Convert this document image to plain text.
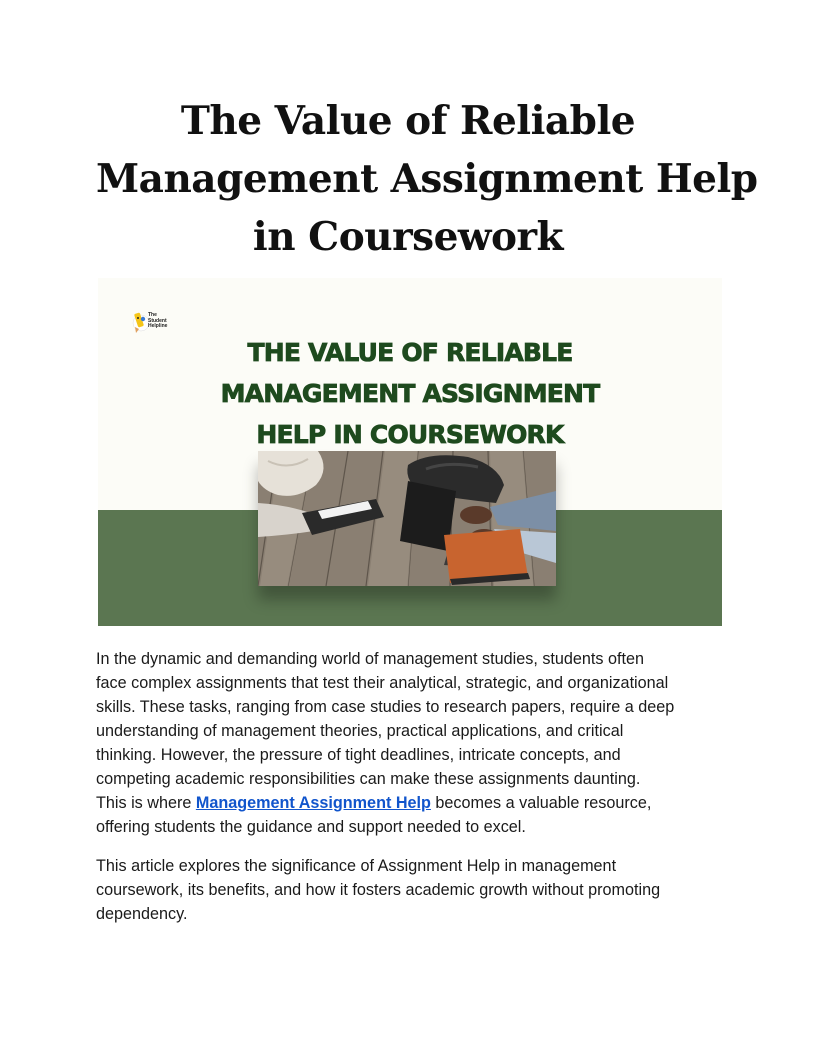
The Value of Reliable
Management Assignment Help
in Coursework
The
Student
Helpline
THE VALUE OF RELIABLE
MANAGEMENT ASSIGNMENT
HELP IN COURSEWORK

In the dynamic and demanding world of management studies, students often
face complex assignments that test their analytical, strategic, and organizational
skills. These tasks, ranging from case studies to research papers, require a deep
understanding of management theories, practical applications, and critical
thinking. However, the pressure of tight deadlines, intricate concepts, and
competing academic responsibilities can make these assignments daunting.
This is where Management Assignment Help becomes a valuable resource,
offering students the guidance and support needed to excel.

This article explores the significance of Assignment Help in management
coursework, its benefits, and how it fosters academic growth without promoting
dependency.
